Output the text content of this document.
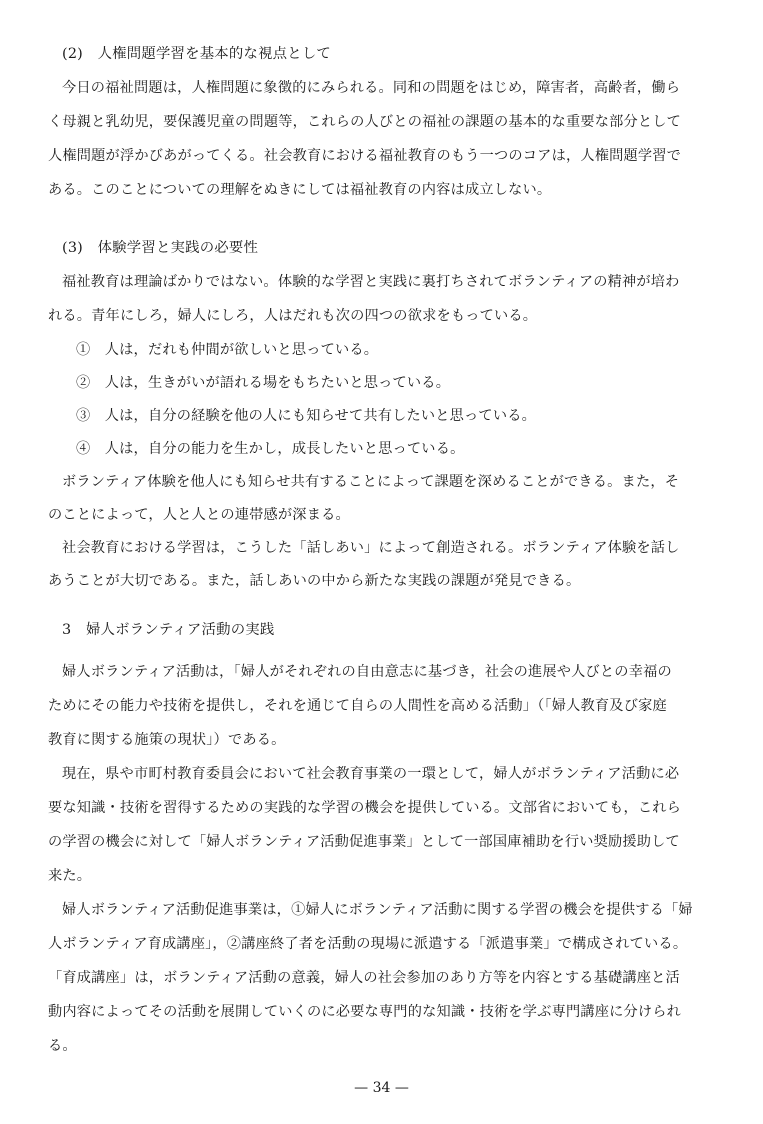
(2)　人権問題学習を基本的な視点として
今日の福祉問題は，人権問題に象徴的にみられる。同和の問題をはじめ，障害者，高齢者，働ら
く母親と乳幼児，要保護児童の問題等，これらの人びとの福祉の課題の基本的な重要な部分として
人権問題が浮かびあがってくる。社会教育における福祉教育のもう一つのコアは，人権問題学習で
ある。このことについての理解をぬきにしては福祉教育の内容は成立しない。
(3)　体験学習と実践の必要性
福祉教育は理論ばかりではない。体験的な学習と実践に裏打ちされてボランティアの精神が培わ
れる。青年にしろ，婦人にしろ，人はだれも次の四つの欲求をもっている。
①　人は，だれも仲間が欲しいと思っている。
②　人は，生きがいが語れる場をもちたいと思っている。
③　人は，自分の経験を他の人にも知らせて共有したいと思っている。
④　人は，自分の能力を生かし，成長したいと思っている。
ボランティア体験を他人にも知らせ共有することによって課題を深めることができる。また，そ
のことによって，人と人との連帯感が深まる。
社会教育における学習は，こうした「話しあい」によって創造される。ボランティア体験を話し
あうことが大切である。また，話しあいの中から新たな実践の課題が発見できる。
3　婦人ボランティア活動の実践
婦人ボランティア活動は，「婦人がそれぞれの自由意志に基づき，社会の進展や人びとの幸福の
ためにその能力や技術を提供し，それを通じて自らの人間性を高める活動」（「婦人教育及び家庭
教育に関する施策の現状」）である。
現在，県や市町村教育委員会において社会教育事業の一環として，婦人がボランティア活動に必
要な知識・技術を習得するための実践的な学習の機会を提供している。文部省においても，これら
の学習の機会に対して「婦人ボランティア活動促進事業」として一部国庫補助を行い奨励援助して
来た。
婦人ボランティア活動促進事業は，①婦人にボランティア活動に関する学習の機会を提供する「婦
人ボランティア育成講座」，②講座終了者を活動の現場に派遣する「派遣事業」で構成されている。
「育成講座」は，ボランティア活動の意義，婦人の社会参加のあり方等を内容とする基礎講座と活
動内容によってその活動を展開していくのに必要な専門的な知識・技術を学ぶ専門講座に分けられ
る。
— 34 —
